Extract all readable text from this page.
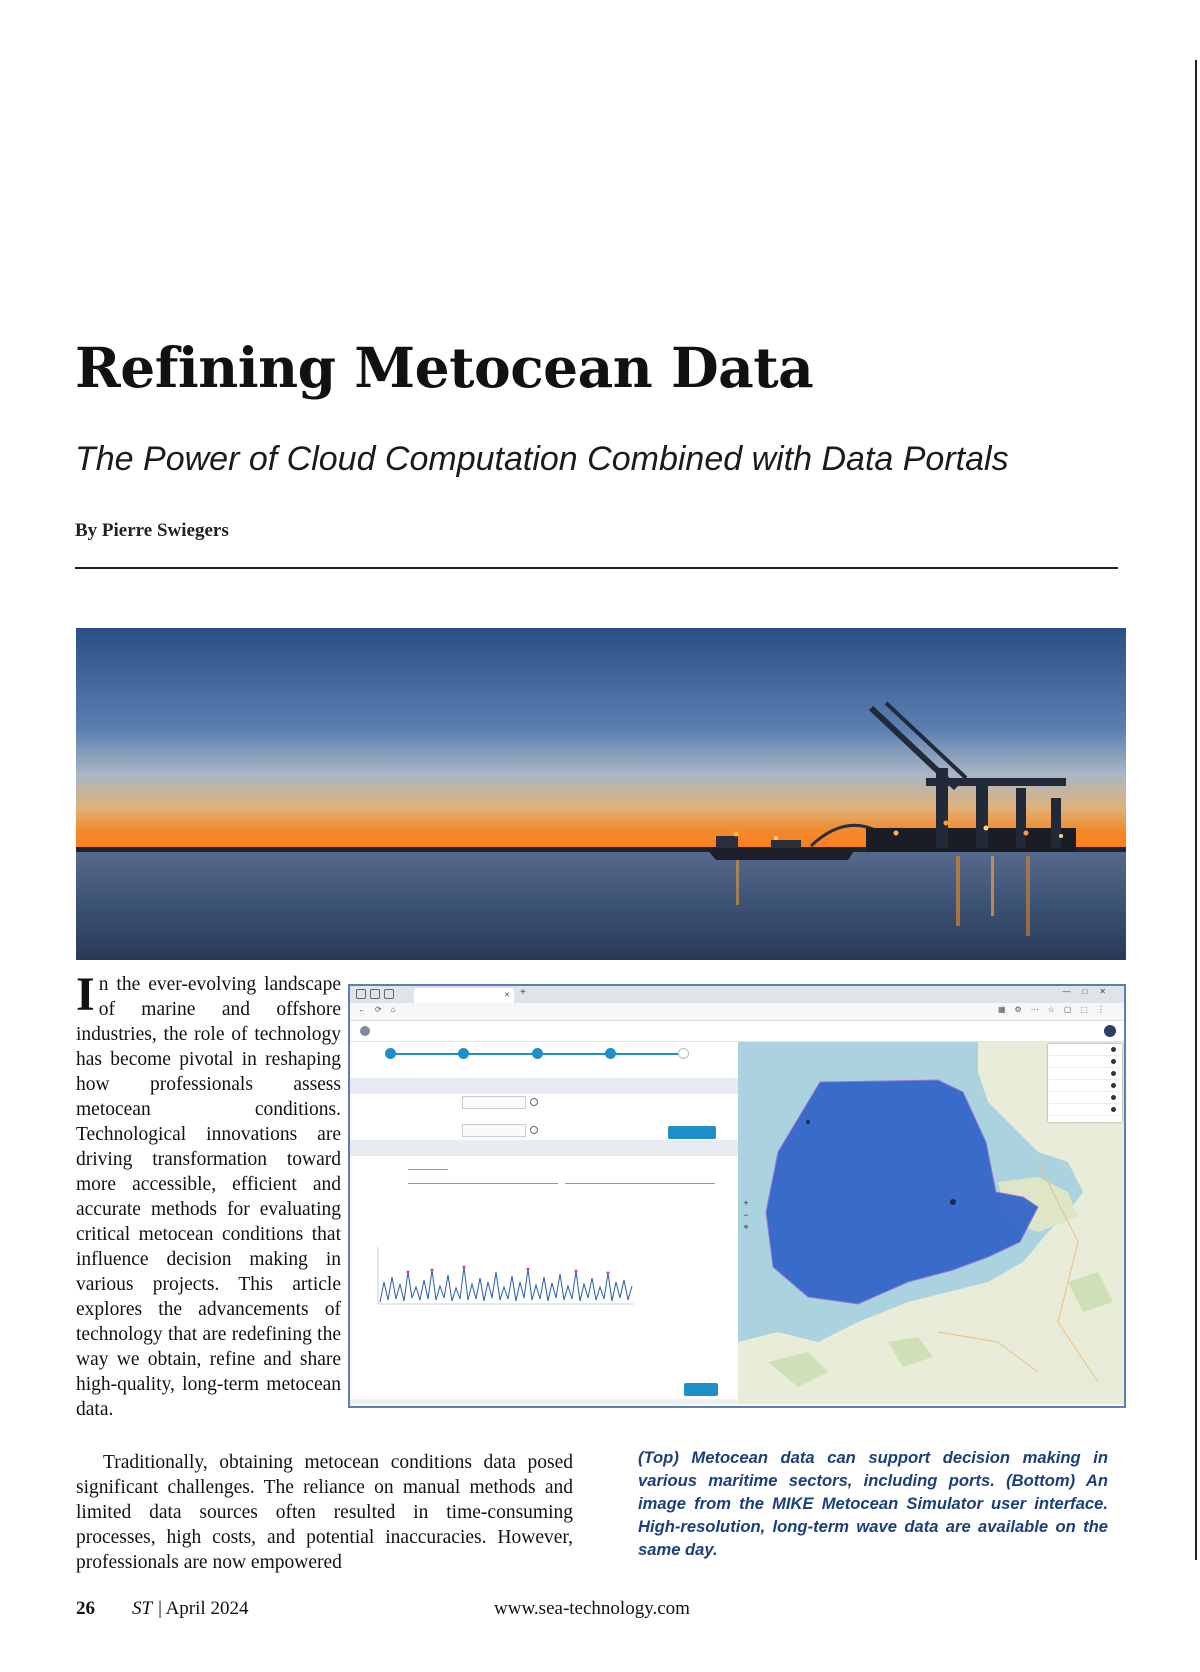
Refining Metocean Data
The Power of Cloud Computation Combined with Data Portals
By Pierre Swiegers
In the ever-evolving landscape of marine and offshore industries, the role of technology has become pivotal in reshaping how professionals assess metocean conditions. Technological innovations are driving transformation toward more accessible, efficient and accurate methods for evaluating critical metocean conditions that influence decision making in various projects. This article explores the advancements of technology that are redefining the way we obtain, refine and share high-quality, long-term metocean data.
Traditionally, obtaining metocean conditions data posed significant challenges. The reliance on manual methods and limited data sources often resulted in time-consuming processes, high costs, and potential inaccuracies. However, professionals are now empowered
✕ +	—□✕
←⟳⌂	▦⚙⋯☆▢⬚⋮
+
−
⌖
(Top) Metocean data can support decision making in various maritime sectors, including ports. (Bottom) An image from the MIKE Metocean Simulator user interface. High-resolution, long-term wave data are available on the same day.
26 ST | April 2024	www.sea-technology.com
